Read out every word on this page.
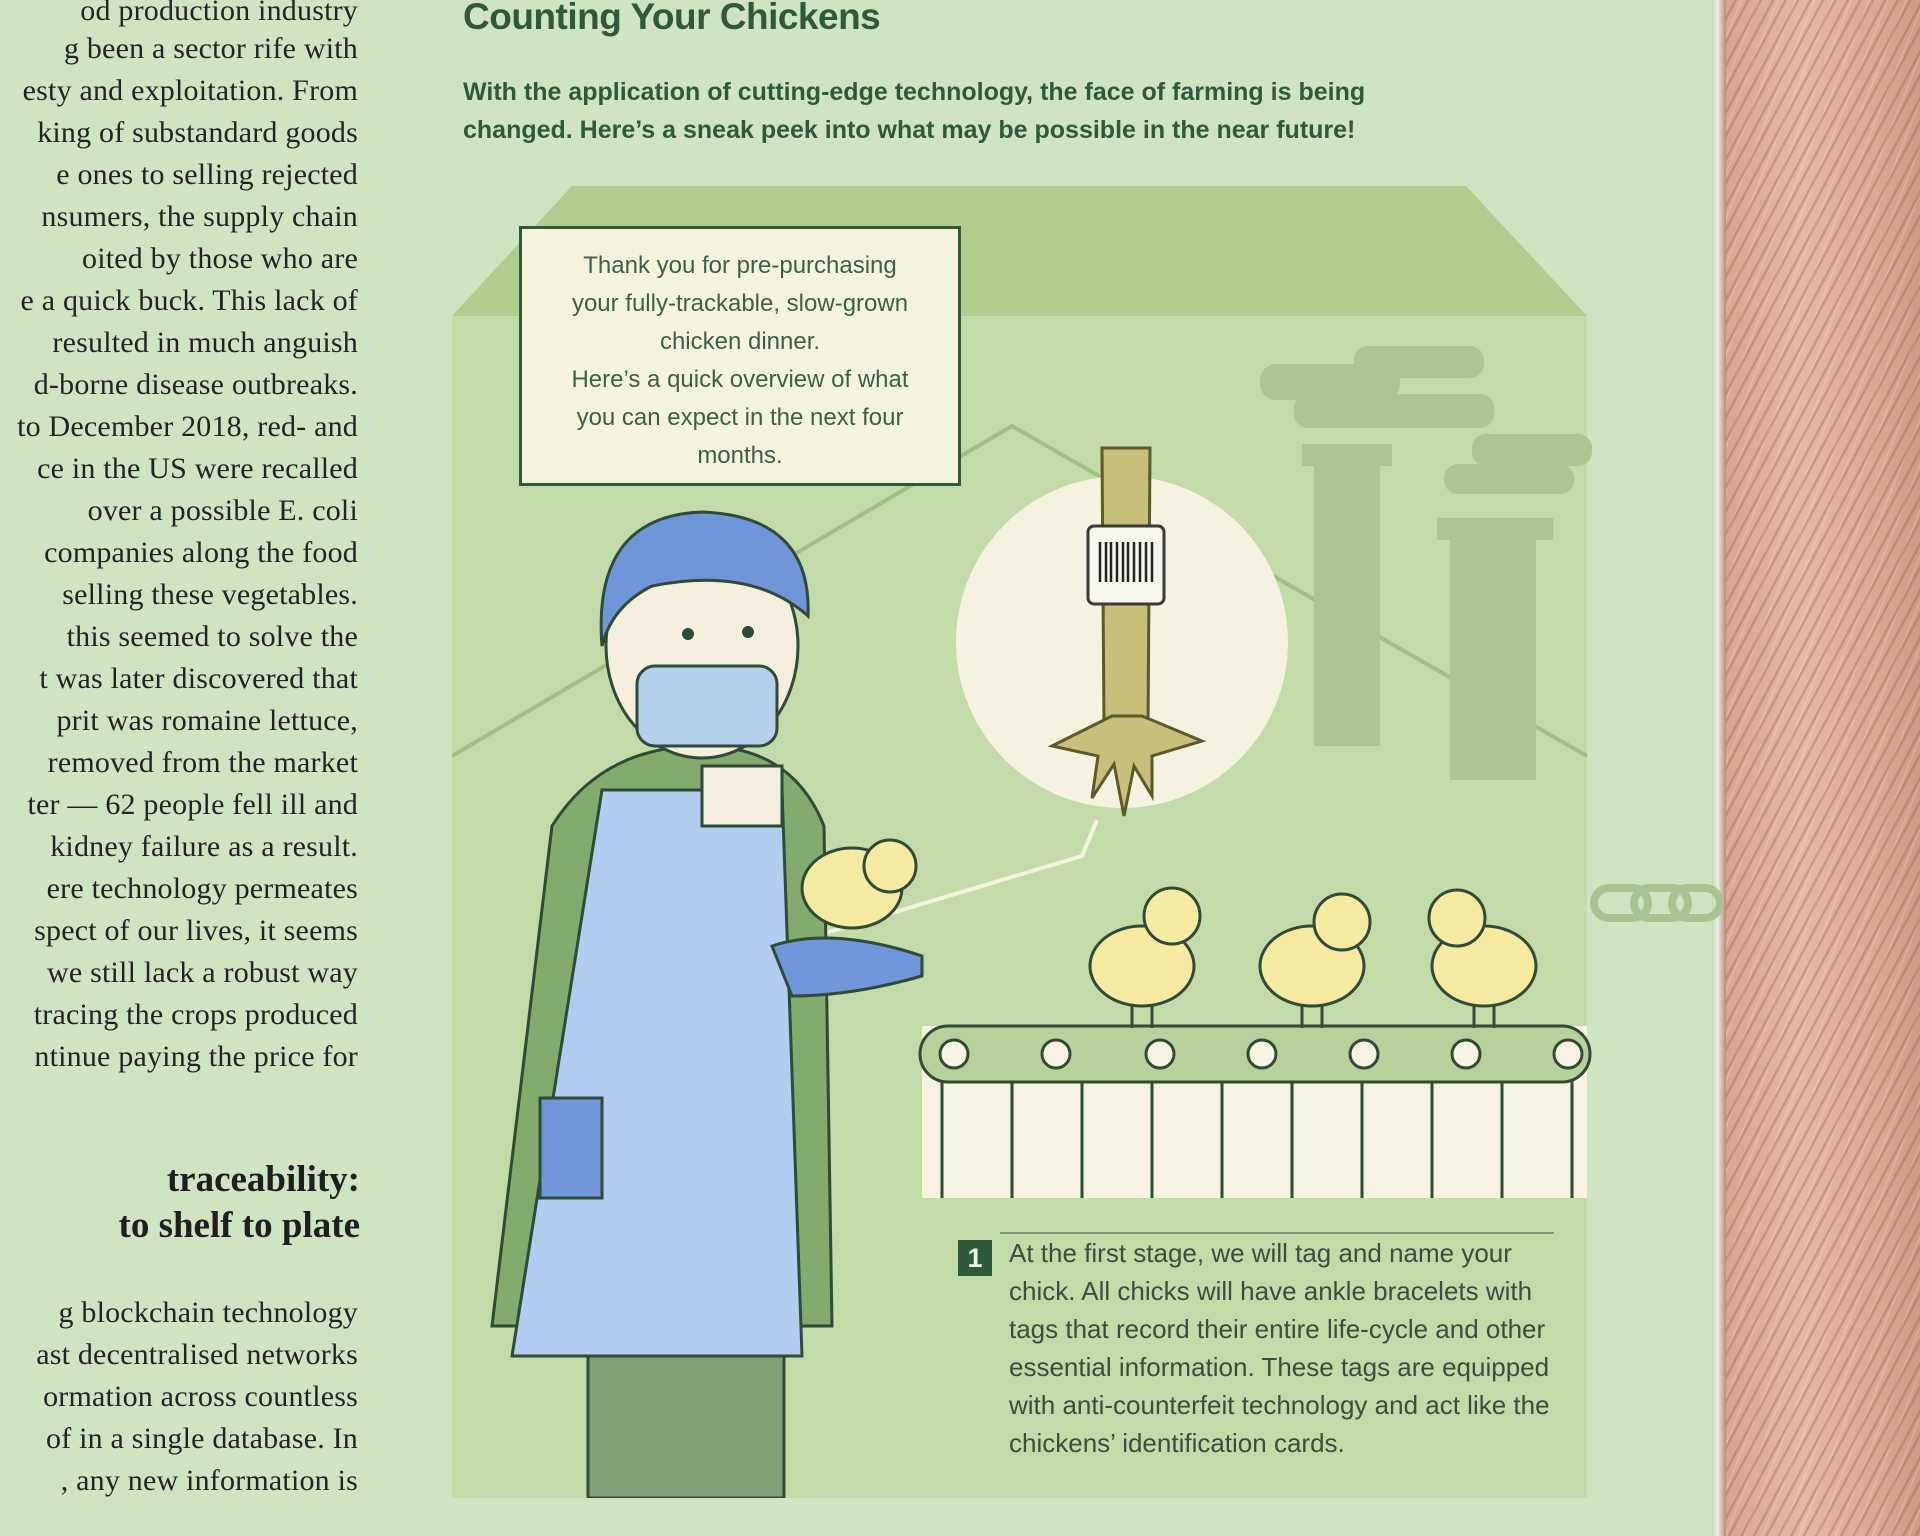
od production industry
g been a sector rife with
esty and exploitation. From
king of substandard goods
e ones to selling rejected
nsumers, the supply chain
oited by those who are
e a quick buck. This lack of
resulted in much anguish
d-borne disease outbreaks.
to December 2018, red- and
ce in the US were recalled
over a possible E. coli
companies along the food
selling these vegetables.
this seemed to solve the
t was later discovered that
prit was romaine lettuce,
removed from the market
ter — 62 people fell ill and
kidney failure as a result.
ere technology permeates
spect of our lives, it seems
we still lack a robust way
tracing the crops produced
ntinue paying the price for
traceability:
to shelf to plate
g blockchain technology
ast decentralised networks
ormation across countless
of in a single database. In
, any new information is
Counting Your Chickens
With the application of cutting-edge technology, the face of farming is being
changed. Here’s a sneak peek into what may be possible in the near future!
Thank you for pre-purchasing
your fully-trackable, slow-grown
chicken dinner.
Here’s a quick overview of what
you can expect in the next four
months.
1	At the first stage, we will tag and name your
chick. All chicks will have ankle bracelets with
tags that record their entire life-cycle and other
essential information. These tags are equipped
with anti-counterfeit technology and act like the
chickens’ identification cards.
